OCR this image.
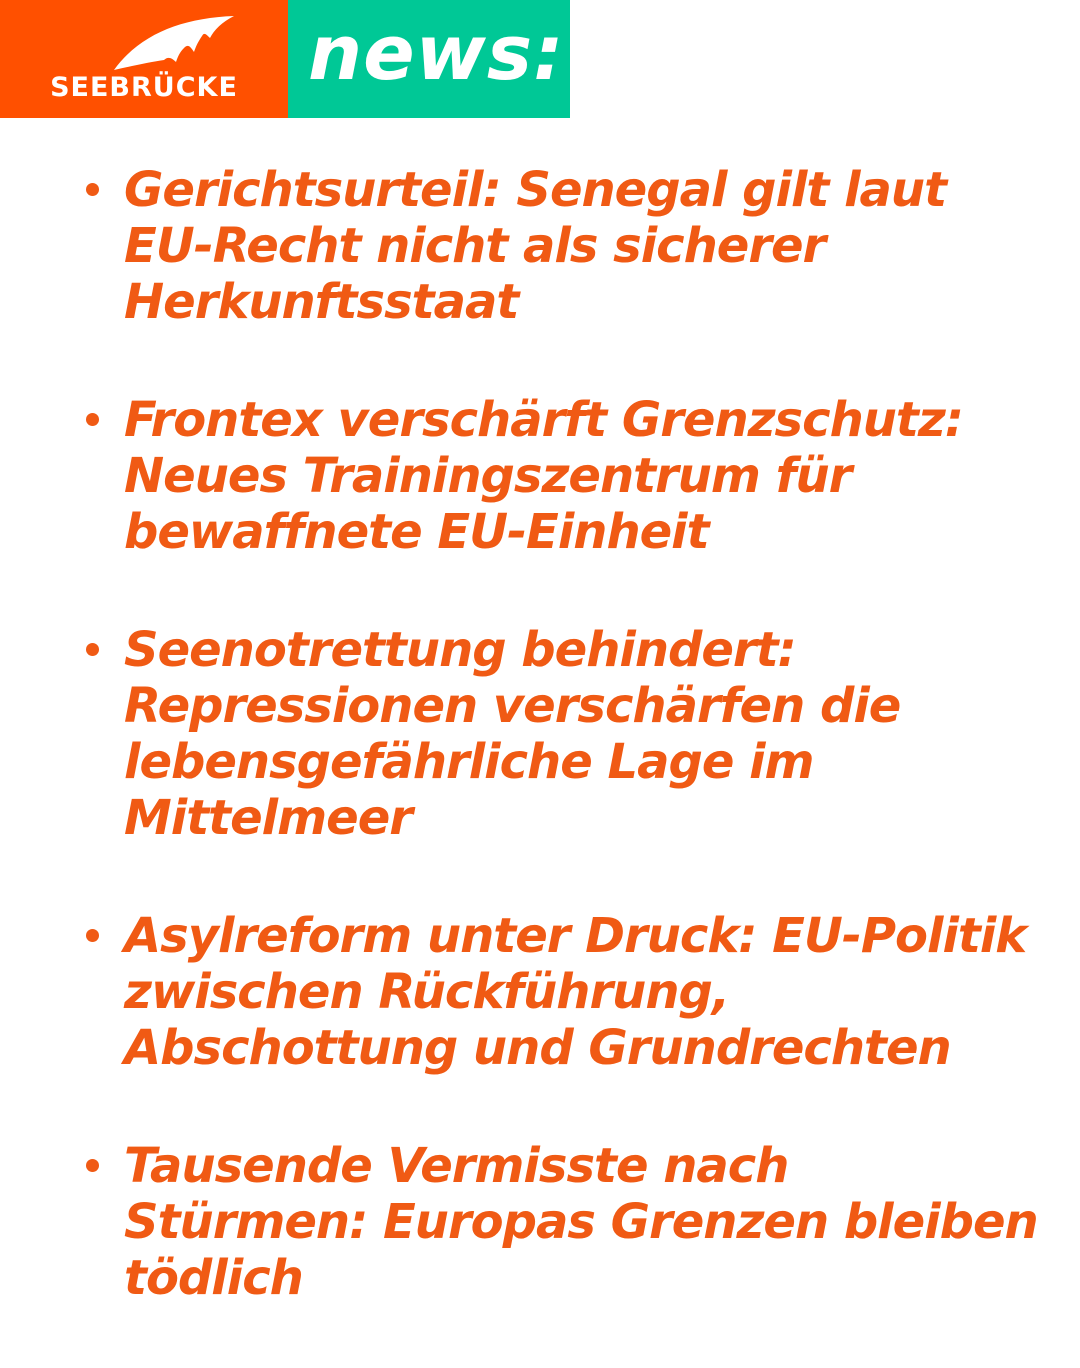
SEEBRÜCKE news:
Gerichtsurteil: Senegal gilt laut EU-Recht nicht als sicherer Herkunftsstaat
Frontex verschärft Grenzschutz: Neues Trainingszentrum für bewaffnete EU-Einheit
Seenotrettung behindert: Repressionen verschärfen die lebensgefährliche Lage im Mittelmeer
Asylreform unter Druck: EU-Politik zwischen Rückführung, Abschottung und Grundrechten
Tausende Vermisste nach Stürmen: Europas Grenzen bleiben tödlich
